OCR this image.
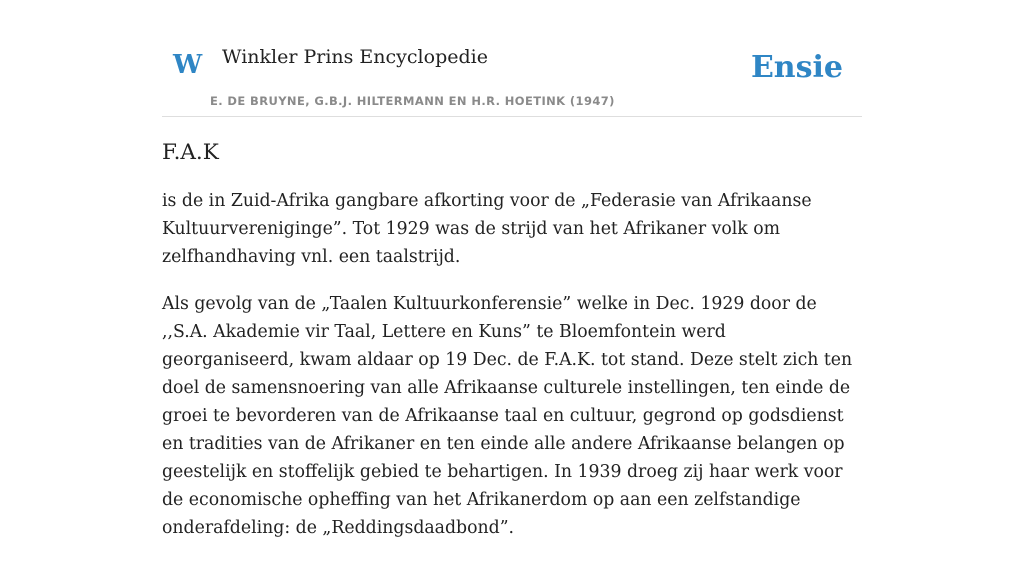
W Winkler Prins Encyclopedie
E. DE BRUYNE, G.B.J. HILTERMANN EN H.R. HOETINK (1947)
Ensie
F.A.K

is de in Zuid-Afrika gangbare afkorting voor de „Federasie van Afrikaanse Kultuurvereniginge”. Tot 1929 was de strijd van het Afrikaner volk om zelfhandhaving vnl. een taalstrijd.

Als gevolg van de „Taalen Kultuurkonferensie” welke in Dec. 1929 door de ,,S.A. Akademie vir Taal, Lettere en Kuns” te Bloemfontein werd georganiseerd, kwam aldaar op 19 Dec. de F.A.K. tot stand. Deze stelt zich ten doel de samensnoering van alle Afrikaanse culturele instellingen, ten einde de groei te bevorderen van de Afrikaanse taal en cultuur, gegrond op godsdienst en tradities van de Afrikaner en ten einde alle andere Afrikaanse belangen op geestelijk en stoffelijk gebied te behartigen. In 1939 droeg zij haar werk voor de economische opheffing van het Afrikanerdom op aan een zelfstandige onderafdeling: de „Reddingsdaadbond”.
